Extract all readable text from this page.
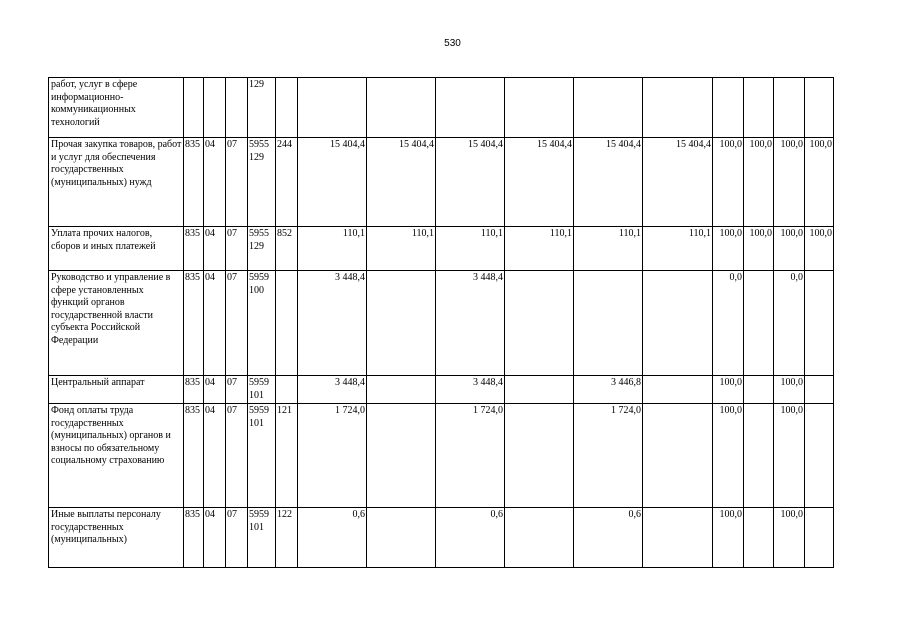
530
работ, услуг в сфере информационно-коммуникационных технологий				129											
Прочая закупка товаров, работ и услуг для обеспечения государственных (муниципальных) нужд	835	04	07	5955 129	244	15 404,4	15 404,4	15 404,4	15 404,4	15 404,4	15 404,4	100,0	100,0	100,0	100,0
Уплата прочих налогов, сборов и иных платежей	835	04	07	5955 129	852	110,1	110,1	110,1	110,1	110,1	110,1	100,0	100,0	100,0	100,0
Руководство и управление в сфере установленных функций органов государственной власти субъекта Российской Федерации	835	04	07	5959 100		3 448,4		3 448,4				0,0		0,0	
Центральный аппарат	835	04	07	5959 101		3 448,4		3 448,4		3 446,8		100,0		100,0	
Фонд оплаты труда государственных (муниципальных) органов и взносы по обязательному социальному страхованию	835	04	07	5959 101	121	1 724,0		1 724,0		1 724,0		100,0		100,0	
Иные выплаты персоналу государственных (муниципальных)	835	04	07	5959 101	122	0,6		0,6		0,6		100,0		100,0	
